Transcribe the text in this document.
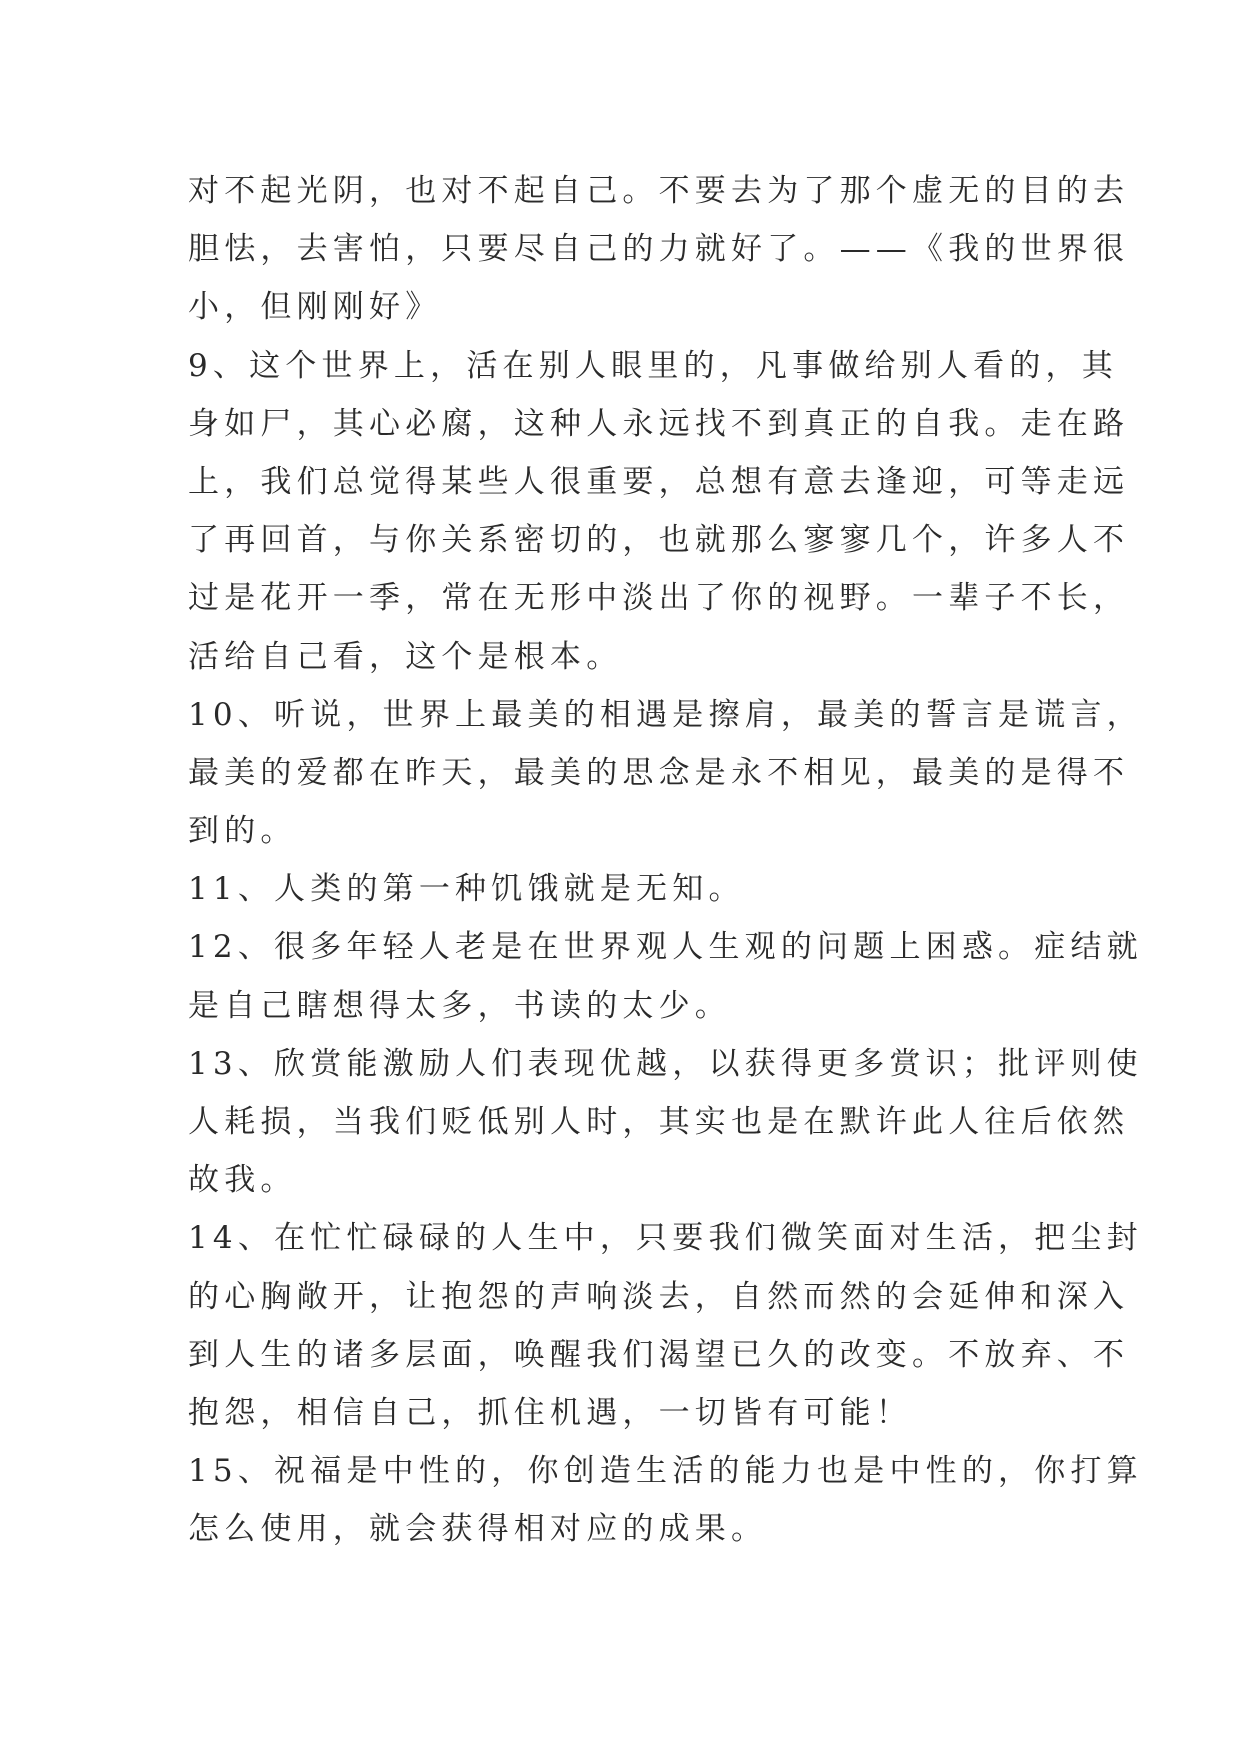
对不起光阴，也对不起自己。不要去为了那个虚无的目的去
胆怯，去害怕，只要尽自己的力就好了。——《我的世界很
小，但刚刚好》
9、这个世界上，活在别人眼里的，凡事做给别人看的，其
身如尸，其心必腐，这种人永远找不到真正的自我。走在路
上，我们总觉得某些人很重要，总想有意去逢迎，可等走远
了再回首，与你关系密切的，也就那么寥寥几个，许多人不
过是花开一季，常在无形中淡出了你的视野。一辈子不长，
活给自己看，这个是根本。
10、听说，世界上最美的相遇是擦肩，最美的誓言是谎言，
最美的爱都在昨天，最美的思念是永不相见，最美的是得不
到的。
11、人类的第一种饥饿就是无知。
12、很多年轻人老是在世界观人生观的问题上困惑。症结就
是自己瞎想得太多，书读的太少。
13、欣赏能激励人们表现优越，以获得更多赏识；批评则使
人耗损，当我们贬低别人时，其实也是在默许此人往后依然
故我。
14、在忙忙碌碌的人生中，只要我们微笑面对生活，把尘封
的心胸敞开，让抱怨的声响淡去，自然而然的会延伸和深入
到人生的诸多层面，唤醒我们渴望已久的改变。不放弃、不
抱怨，相信自己，抓住机遇，一切皆有可能！
15、祝福是中性的，你创造生活的能力也是中性的，你打算
怎么使用，就会获得相对应的成果。
